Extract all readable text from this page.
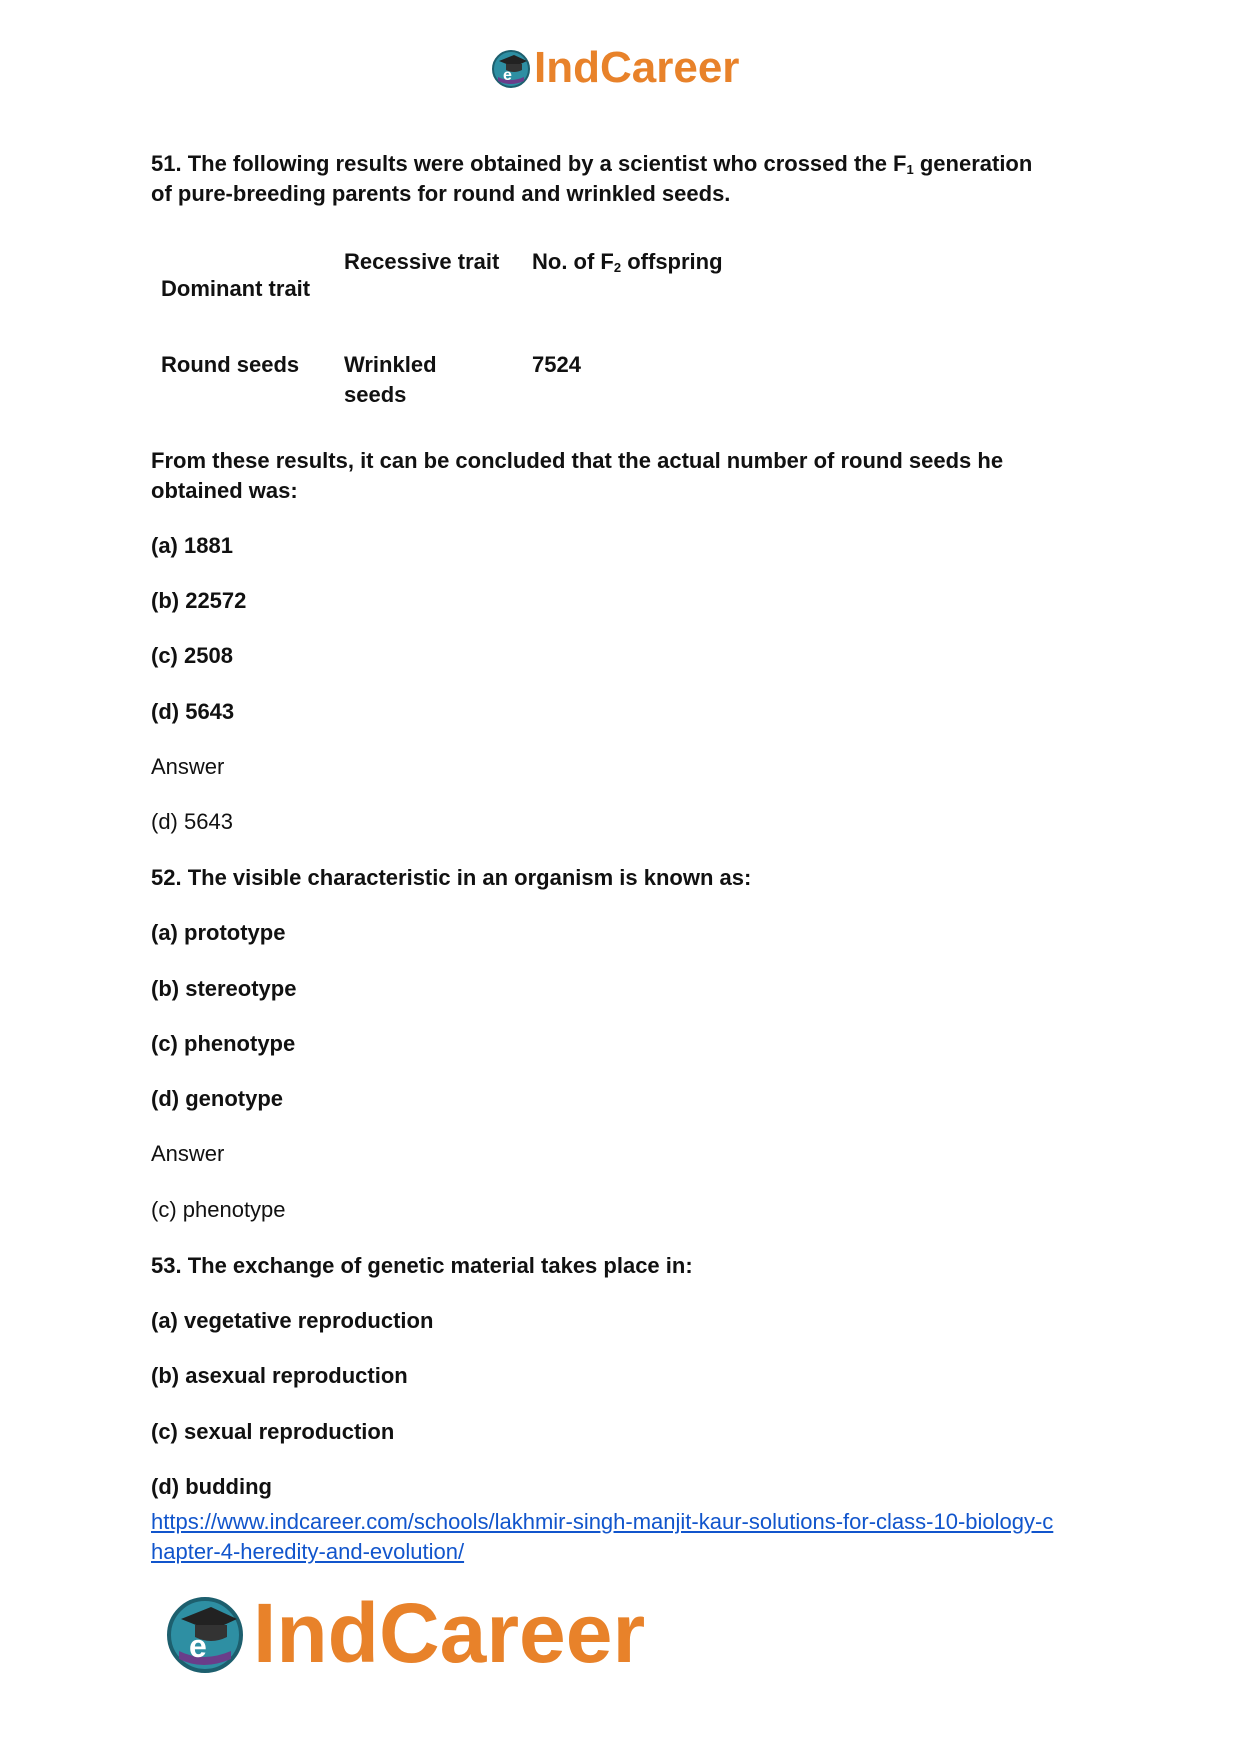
e IndCareer
51. The following results were obtained by a scientist who crossed the $F_1$ generation
of pure-breeding parents for round and wrinkled seeds.
Dominant trait
Recessive trait No. of $F_2$ offspring
Round seeds Wrinkled
seeds
7524
From these results, it can be concluded that the actual number of round seeds he
obtained was:
(a) 1881
(b) 22572
(c) 2508
(d) 5643
Answer
(d) 5643
52. The visible characteristic in an organism is known as:
(a) prototype
(b) stereotype
(c) phenotype
(d) genotype
Answer
(c) phenotype
53. The exchange of genetic material takes place in:
(a) vegetative reproduction
(b) asexual reproduction
(c) sexual reproduction
(d) budding
https://www.indcareer.com/schools/lakhmir-singh-manjit-kaur-solutions-for-class-10-biology-c
hapter-4-heredity-and-evolution/
e IndCareer
